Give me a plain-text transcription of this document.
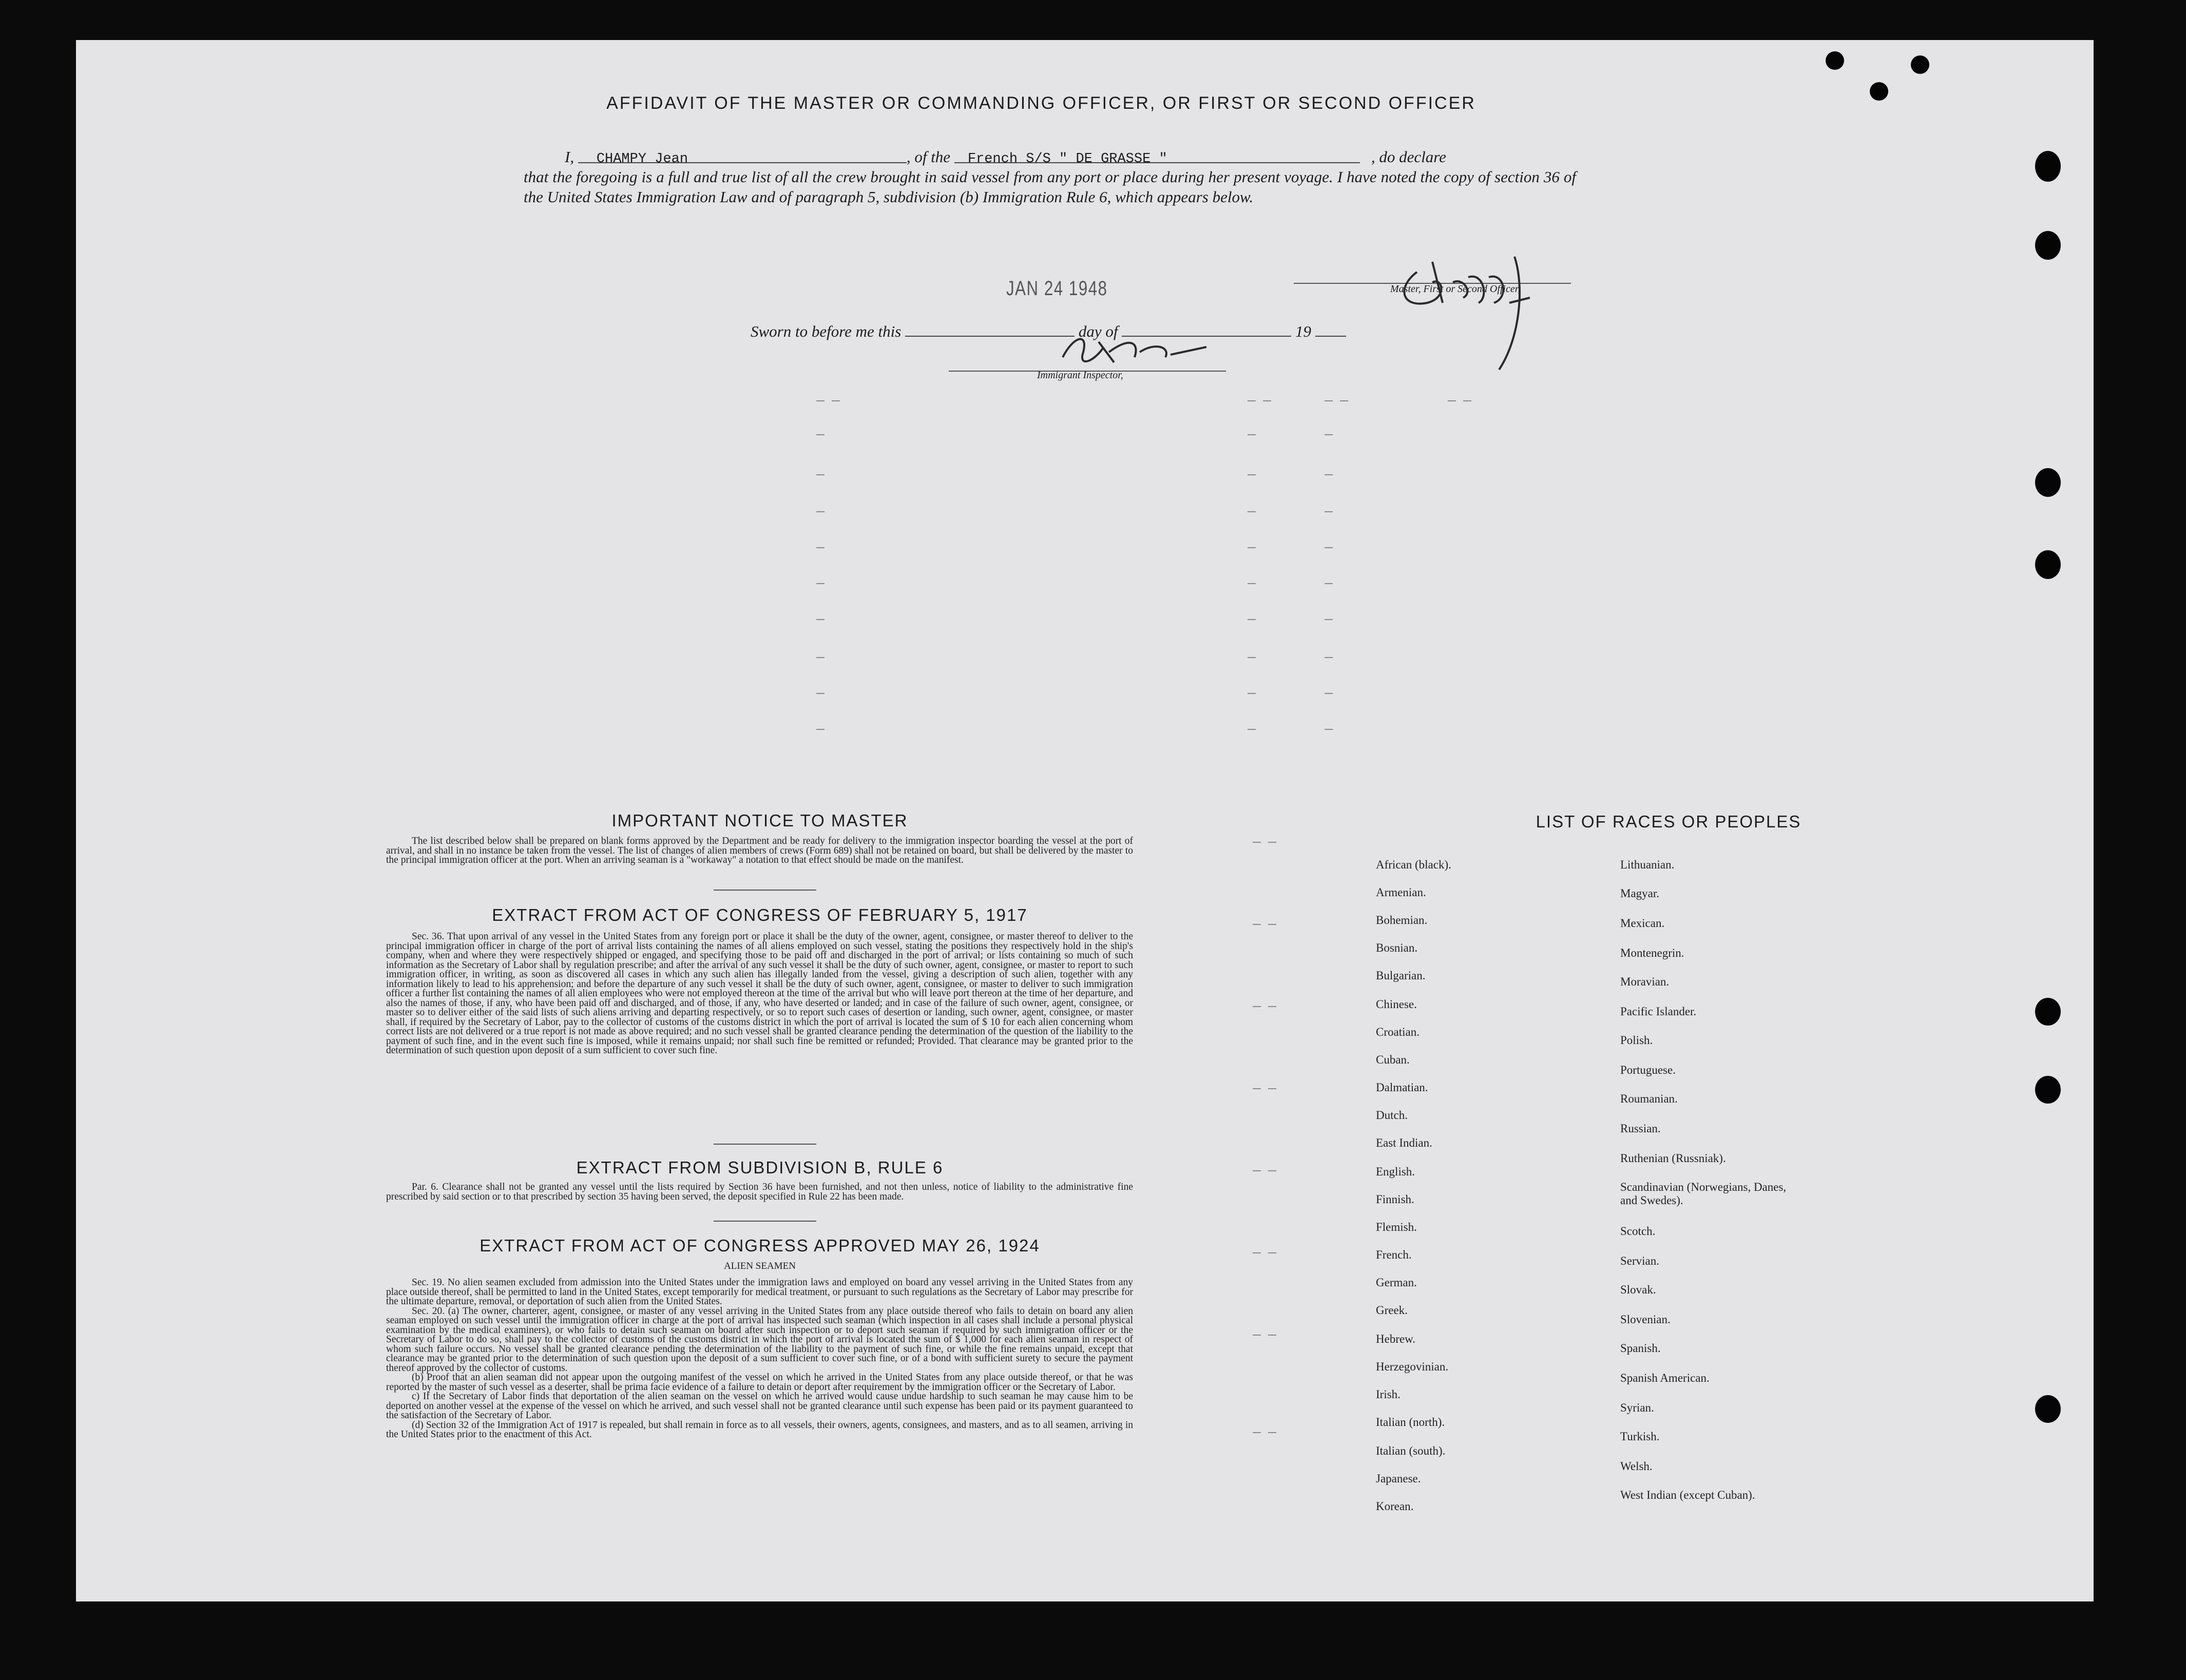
AFFIDAVIT OF THE MASTER OR COMMANDING OFFICER, OR FIRST OR SECOND OFFICER
I, CHAMPY Jean	, of the French S/S " DE GRASSE "	, do declare
that the foregoing is a full and true list of all the crew brought in said vessel from any port or place during her present voyage. I have noted the copy of section 36 of the United States Immigration Law and of paragraph 5, subdivision (b) Immigration Rule 6, which appears below.
Master, First or Second Officer,
JAN 24 1948
Sworn to before me this	day of	19
Immigrant Inspector,
IMPORTANT NOTICE TO MASTER

The list described below shall be prepared on blank forms approved by the Department and be ready for delivery to the immigration inspector boarding the vessel at the port of arrival, and shall in no instance be taken from the vessel. The list of changes of alien members of crews (Form 689) shall not be retained on board, but shall be delivered by the master to the principal immigration officer at the port. When an arriving seaman is a "workaway" a notation to that effect should be made on the manifest.

EXTRACT FROM ACT OF CONGRESS OF FEBRUARY 5, 1917

Sec. 36. That upon arrival of any vessel in the United States from any foreign port or place it shall be the duty of the owner, agent, consignee, or master thereof to deliver to the principal immigration officer in charge of the port of arrival lists containing the names of all aliens employed on such vessel, stating the positions they respectively hold in the ship's company, when and where they were respectively shipped or engaged, and specifying those to be paid off and discharged in the port of arrival; or lists containing so much of such information as the Secretary of Labor shall by regulation prescribe; and after the arrival of any such vessel it shall be the duty of such owner, agent, consignee, or master to report to such immigration officer, in writing, as soon as discovered all cases in which any such alien has illegally landed from the vessel, giving a description of such alien, together with any information likely to lead to his apprehension; and before the departure of any such vessel it shall be the duty of such owner, agent, consignee, or master to deliver to such immigration officer a further list containing the names of all alien employees who were not employed thereon at the time of the arrival but who will leave port thereon at the time of her departure, and also the names of those, if any, who have been paid off and discharged, and of those, if any, who have deserted or landed; and in case of the failure of such owner, agent, consignee, or master so to deliver either of the said lists of such aliens arriving and departing respectively, or so to report such cases of desertion or landing, such owner, agent, consignee, or master shall, if required by the Secretary of Labor, pay to the collector of customs of the customs district in which the port of arrival is located the sum of $ 10 for each alien concerning whom correct lists are not delivered or a true report is not made as above required; and no such vessel shall be granted clearance pending the determination of the question of the liability to the payment of such fine, and in the event such fine is imposed, while it remains unpaid; nor shall such fine be remitted or refunded; Provided. That clearance may be granted prior to the determination of such question upon deposit of a sum sufficient to cover such fine.

EXTRACT FROM SUBDIVISION B, RULE 6

Par. 6. Clearance shall not be granted any vessel until the lists required by Section 36 have been furnished, and not then unless, notice of liability to the administrative fine prescribed by said section or to that prescribed by section 35 having been served, the deposit specified in Rule 22 has been made.

EXTRACT FROM ACT OF CONGRESS APPROVED MAY 26, 1924
ALIEN SEAMEN

Sec. 19. No alien seamen excluded from admission into the United States under the immigration laws and employed on board any vessel arriving in the United States from any place outside thereof, shall be permitted to land in the United States, except temporarily for medical treatment, or pursuant to such regulations as the Secretary of Labor may prescribe for the ultimate departure, removal, or deportation of such alien from the United States.

Sec. 20. (a) The owner, charterer, agent, consignee, or master of any vessel arriving in the United States from any place outside thereof who fails to detain on board any alien seaman employed on such vessel until the immigration officer in charge at the port of arrival has inspected such seaman (which inspection in all cases shall include a personal physical examination by the medical examiners), or who fails to detain such seaman on board after such inspection or to deport such seaman if required by such immigration officer or the Secretary of Labor to do so, shall pay to the collector of customs of the customs district in which the port of arrival is located the sum of $ 1,000 for each alien seaman in respect of whom such failure occurs. No vessel shall be granted clearance pending the determination of the liability to the payment of such fine, or while the fine remains unpaid, except that clearance may be granted prior to the determination of such question upon the deposit of a sum sufficient to cover such fine, or of a bond with sufficient surety to secure the payment thereof approved by the collector of customs.

(b) Proof that an alien seaman did not appear upon the outgoing manifest of the vessel on which he arrived in the United States from any place outside thereof, or that he was reported by the master of such vessel as a deserter, shall be prima facie evidence of a failure to detain or deport after requirement by the immigration officer or the Secretary of Labor.

c) If the Secretary of Labor finds that deportation of the alien seaman on the vessel on which he arrived would cause undue hardship to such seaman he may cause him to be deported on another vessel at the expense of the vessel on which he arrived, and such vessel shall not be granted clearance until such expense has been paid or its payment guaranteed to the satisfaction of the Secretary of Labor.

(d) Section 32 of the Immigration Act of 1917 is repealed, but shall remain in force as to all vessels, their owners, agents, consignees, and masters, and as to all seamen, arriving in the United States prior to the enactment of this Act.

LIST OF RACES OR PEOPLES
African (black).
Armenian.
Bohemian.
Bosnian.
Bulgarian.
Chinese.
Croatian.
Cuban.
Dalmatian.
Dutch.
East Indian.
English.
Finnish.
Flemish.
French.
German.
Greek.
Hebrew.
Herzegovinian.
Irish.
Italian (north).
Italian (south).
Japanese.
Korean.
Lithuanian.
Magyar.
Mexican.
Montenegrin.
Moravian.
Pacific Islander.
Polish.
Portuguese.
Roumanian.
Russian.
Ruthenian (Russniak).
Scandinavian (Norwegians, Danes, and Swedes).
Scotch.
Servian.
Slovak.
Slovenian.
Spanish.
Spanish American.
Syrian.
Turkish.
Welsh.
West Indian (except Cuban).
